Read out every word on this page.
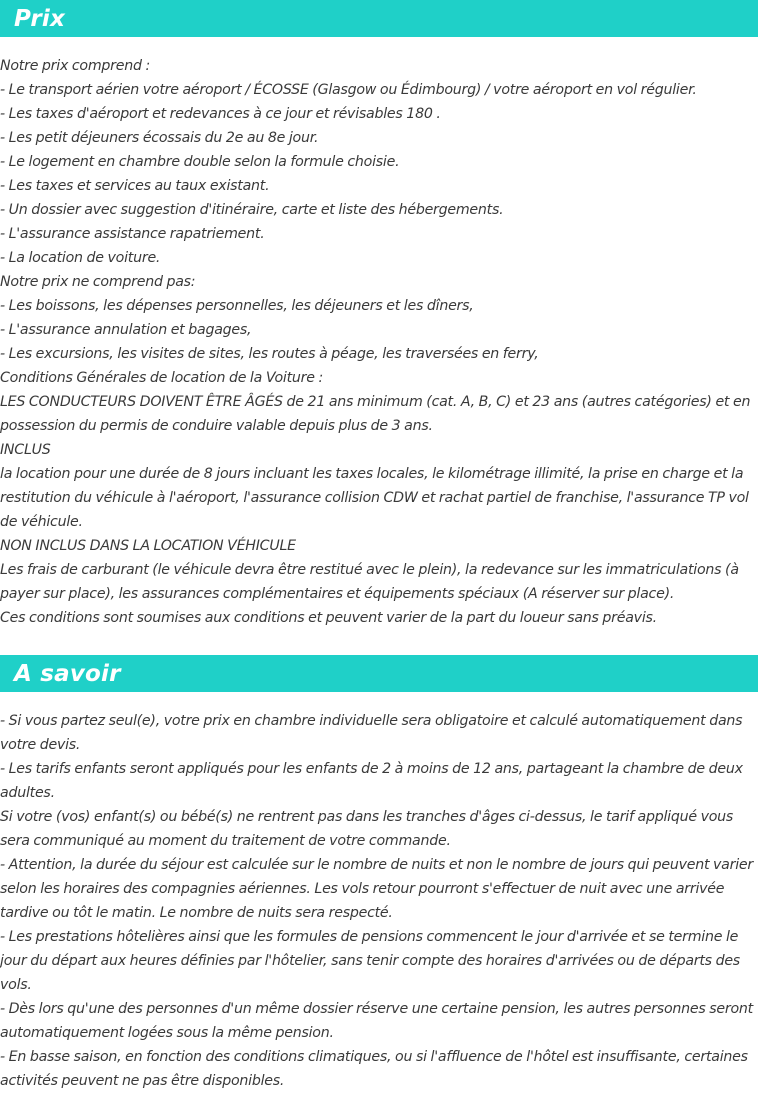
Prix
Notre prix comprend :
- Le transport aérien votre aéroport / ÉCOSSE (Glasgow ou Édimbourg) / votre aéroport en vol régulier.
- Les taxes d'aéroport et redevances à ce jour et révisables 180 .
- Les petit déjeuners écossais du 2e au 8e jour.
- Le logement en chambre double selon la formule choisie.
- Les taxes et services au taux existant.
- Un dossier avec suggestion d'itinéraire, carte et liste des hébergements.
- L'assurance assistance rapatriement.
- La location de voiture.
Notre prix ne comprend pas:
- Les boissons, les dépenses personnelles, les déjeuners et les dîners,
- L'assurance annulation et bagages,
- Les excursions, les visites de sites, les routes à péage, les traversées en ferry,
Conditions Générales de location de la Voiture :
LES CONDUCTEURS DOIVENT ÊTRE ÂGÉS de 21 ans minimum (cat. A, B, C) et 23 ans (autres catégories) et en possession du permis de conduire valable depuis plus de 3 ans.
INCLUS
la location pour une durée de 8 jours incluant les taxes locales, le kilométrage illimité, la prise en charge et la restitution du véhicule à l'aéroport, l'assurance collision CDW et rachat partiel de franchise, l'assurance TP vol de véhicule.
NON INCLUS DANS LA LOCATION VÉHICULE
Les frais de carburant (le véhicule devra être restitué avec le plein), la redevance sur les immatriculations (à payer sur place), les assurances complémentaires et équipements spéciaux (A réserver sur place).
Ces conditions sont soumises aux conditions et peuvent varier de la part du loueur sans préavis.
A savoir
- Si vous partez seul(e), votre prix en chambre individuelle sera obligatoire et calculé automatiquement dans votre devis.
- Les tarifs enfants seront appliqués pour les enfants de 2 à moins de 12 ans, partageant la chambre de deux adultes.
Si votre (vos) enfant(s) ou bébé(s) ne rentrent pas dans les tranches d'âges ci-dessus, le tarif appliqué vous sera communiqué au moment du traitement de votre commande.
- Attention, la durée du séjour est calculée sur le nombre de nuits et non le nombre de jours qui peuvent varier selon les horaires des compagnies aériennes. Les vols retour pourront s'effectuer de nuit avec une arrivée tardive ou tôt le matin. Le nombre de nuits sera respecté.
- Les prestations hôtelières ainsi que les formules de pensions commencent le jour d'arrivée et se termine le jour du départ aux heures définies par l'hôtelier, sans tenir compte des horaires d'arrivées ou de départs des vols.
- Dès lors qu'une des personnes d'un même dossier réserve une certaine pension, les autres personnes seront automatiquement logées sous la même pension.
- En basse saison, en fonction des conditions climatiques, ou si l'affluence de l'hôtel est insuffisante, certaines activités peuvent ne pas être disponibles.
